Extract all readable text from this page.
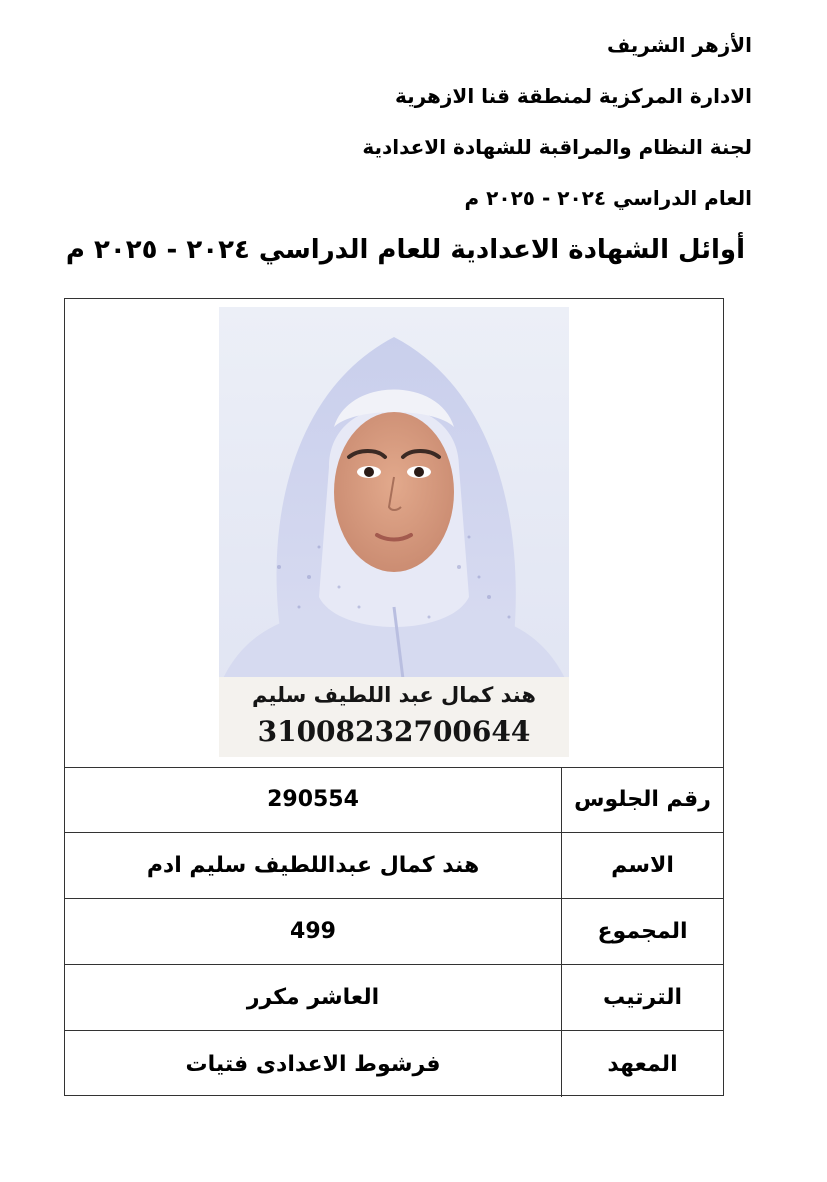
الأزهر الشريف
الادارة المركزية لمنطقة قنا الازهرية
لجنة النظام والمراقبة للشهادة الاعدادية
العام الدراسي ٢٠٢٤ - ٢٠٢٥ م
أوائل الشهادة الاعدادية للعام الدراسي ٢٠٢٤ - ٢٠٢٥ م
هند كمال عبد اللطيف سليم
31008232700644
290554	رقم الجلوس
هند كمال عبداللطيف سليم ادم	الاسم
499	المجموع
العاشر مكرر	الترتيب
فرشوط الاعدادى فتيات	المعهد
